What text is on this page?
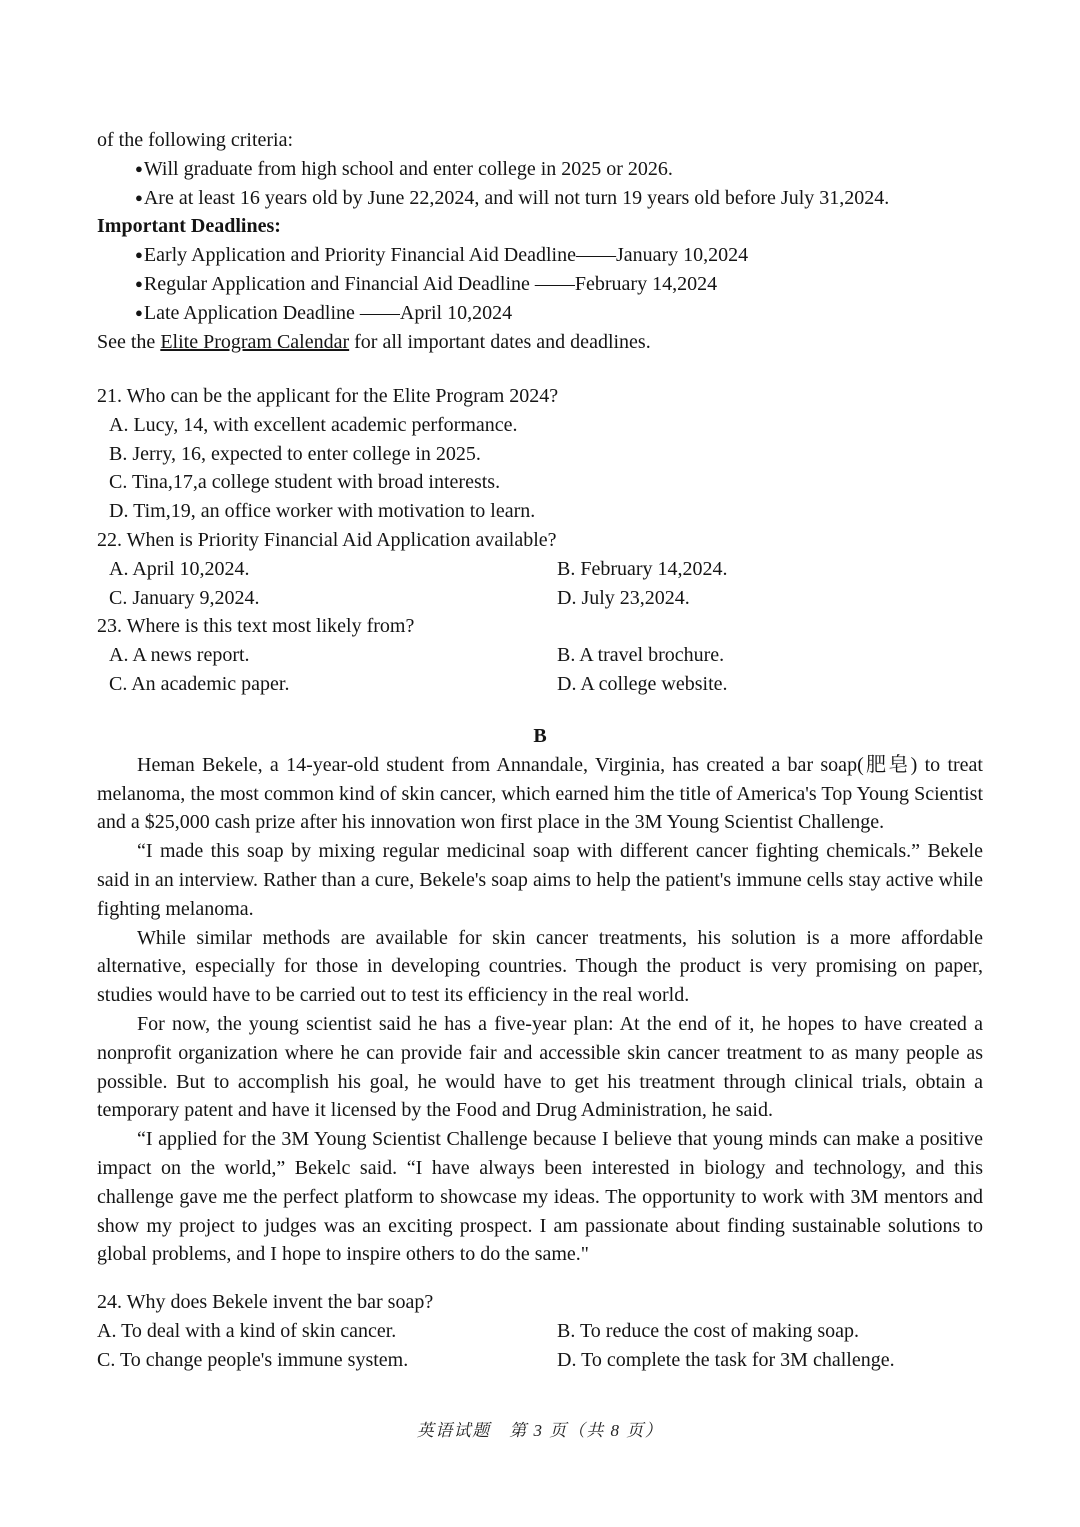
of the following criteria:
●Will graduate from high school and enter college in 2025 or 2026.
●Are at least 16 years old by June 22,2024, and will not turn 19 years old before July 31,2024.
Important Deadlines:
●Early Application and Priority Financial Aid Deadline——January 10,2024
●Regular Application and Financial Aid Deadline ——February 14,2024
●Late Application Deadline ——April 10,2024
See the Elite Program Calendar for all important dates and deadlines.
21. Who can be the applicant for the Elite Program 2024?
A. Lucy, 14, with excellent academic performance.
B. Jerry, 16, expected to enter college in 2025.
C. Tina,17,a college student with broad interests.
D. Tim,19, an office worker with motivation to learn.
22. When is Priority Financial Aid Application available?
A. April 10,2024.	B. February 14,2024.
C. January 9,2024.	D. July 23,2024.
23. Where is this text most likely from?
A. A news report.	B. A travel brochure.
C. An academic paper.	D. A college website.
B

Heman Bekele, a 14-year-old student from Annandale, Virginia, has created a bar soap(肥皂) to treat melanoma, the most common kind of skin cancer, which earned him the title of America's Top Young Scientist and a $25,000 cash prize after his innovation won first place in the 3M Young Scientist Challenge.

“I made this soap by mixing regular medicinal soap with different cancer fighting chemicals.” Bekele said in an interview. Rather than a cure, Bekele's soap aims to help the patient's immune cells stay active while fighting melanoma.

While similar methods are available for skin cancer treatments, his solution is a more affordable alternative, especially for those in developing countries. Though the product is very promising on paper, studies would have to be carried out to test its efficiency in the real world.

For now, the young scientist said he has a five-year plan: At the end of it, he hopes to have created a nonprofit organization where he can provide fair and accessible skin cancer treatment to as many people as possible. But to accomplish his goal, he would have to get his treatment through clinical trials, obtain a temporary patent and have it licensed by the Food and Drug Administration, he said.

“I applied for the 3M Young Scientist Challenge because I believe that young minds can make a positive impact on the world,” Bekelc said. “I have always been interested in biology and technology, and this challenge gave me the perfect platform to showcase my ideas. The opportunity to work with 3M mentors and show my project to judges was an exciting prospect. I am passionate about finding sustainable solutions to global problems, and I hope to inspire others to do the same."

24. Why does Bekele invent the bar soap?
A. To deal with a kind of skin cancer.	B. To reduce the cost of making soap.
C. To change people's immune system.	D. To complete the task for 3M challenge.
英语试题　第 3 页（共 8 页）
